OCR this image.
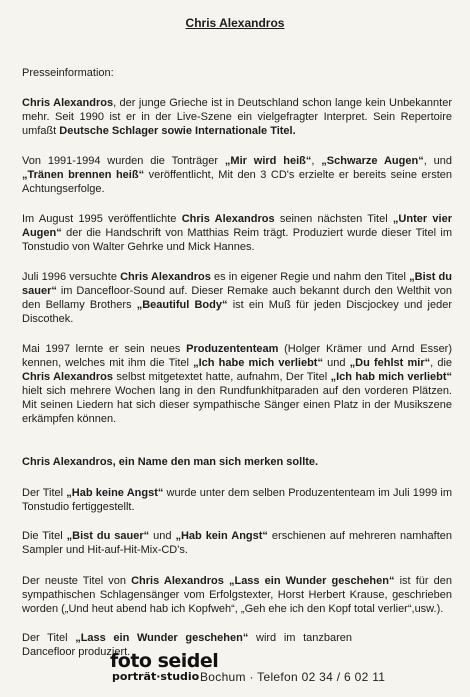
Chris Alexandros
Presseinformation:
Chris Alexandros, der junge Grieche ist in Deutschland schon lange kein Unbekannter mehr. Seit 1990 ist er in der Live-Szene ein vielgefragter Interpret. Sein Repertoire umfaßt Deutsche Schlager sowie Internationale Titel.
Von 1991-1994 wurden die Tonträger „Mir wird heiß“, „Schwarze Augen“, und „Tränen brennen heiß“ veröffentlicht, Mit den 3 CD's erzielte er bereits seine ersten Achtungserfolge.
Im August 1995 veröffentlichte Chris Alexandros seinen nächsten Titel „Unter vier Augen“ der die Handschrift von Matthias Reim trägt. Produziert wurde dieser Titel im Tonstudio von Walter Gehrke und Mick Hannes.
Juli 1996 versuchte Chris Alexandros es in eigener Regie und nahm den Titel „Bist du sauer“ im Dancefloor-Sound auf. Dieser Remake auch bekannt durch den Welthit von den Bellamy Brothers „Beautiful Body“ ist ein Muß für jeden Discjockey und jeder Discothek.
Mai 1997 lernte er sein neues Produzententeam (Holger Krämer und Arnd Esser) kennen, welches mit ihm die Titel „Ich habe mich verliebt“ und „Du fehlst mir“, die Chris Alexandros selbst mitgetextet hatte, aufnahm, Der Titel „Ich hab mich verliebt“ hielt sich mehrere Wochen lang in den Rundfunkhitparaden auf den vorderen Plätzen. Mit seinen Liedern hat sich dieser sympathische Sänger einen Platz in der Musikszene erkämpfen können.
Chris Alexandros, ein Name den man sich merken sollte.
Der Titel „Hab keine Angst“ wurde unter dem selben Produzententeam im Juli 1999 im Tonstudio fertiggestellt.
Die Titel „Bist du sauer“ und „Hab kein Angst“ erschienen auf mehreren namhaften Sampler und Hit-auf-Hit-Mix-CD's.
Der neuste Titel von Chris Alexandros „Lass ein Wunder geschehen“ ist für den sympathischen Schlagensänger vom Erfolgstexter, Horst Herbert Krause, geschrieben worden („Und heut abend hab ich Kopfweh“, „Geh ehe ich den Kopf total verlier“,usw.).
Der Titel „Lass ein Wunder geschehen“ wird im tanzbaren Dancefloor produziert.
foto seidel
porträt·studio Bochum · Telefon 02 34 / 6 02 11
